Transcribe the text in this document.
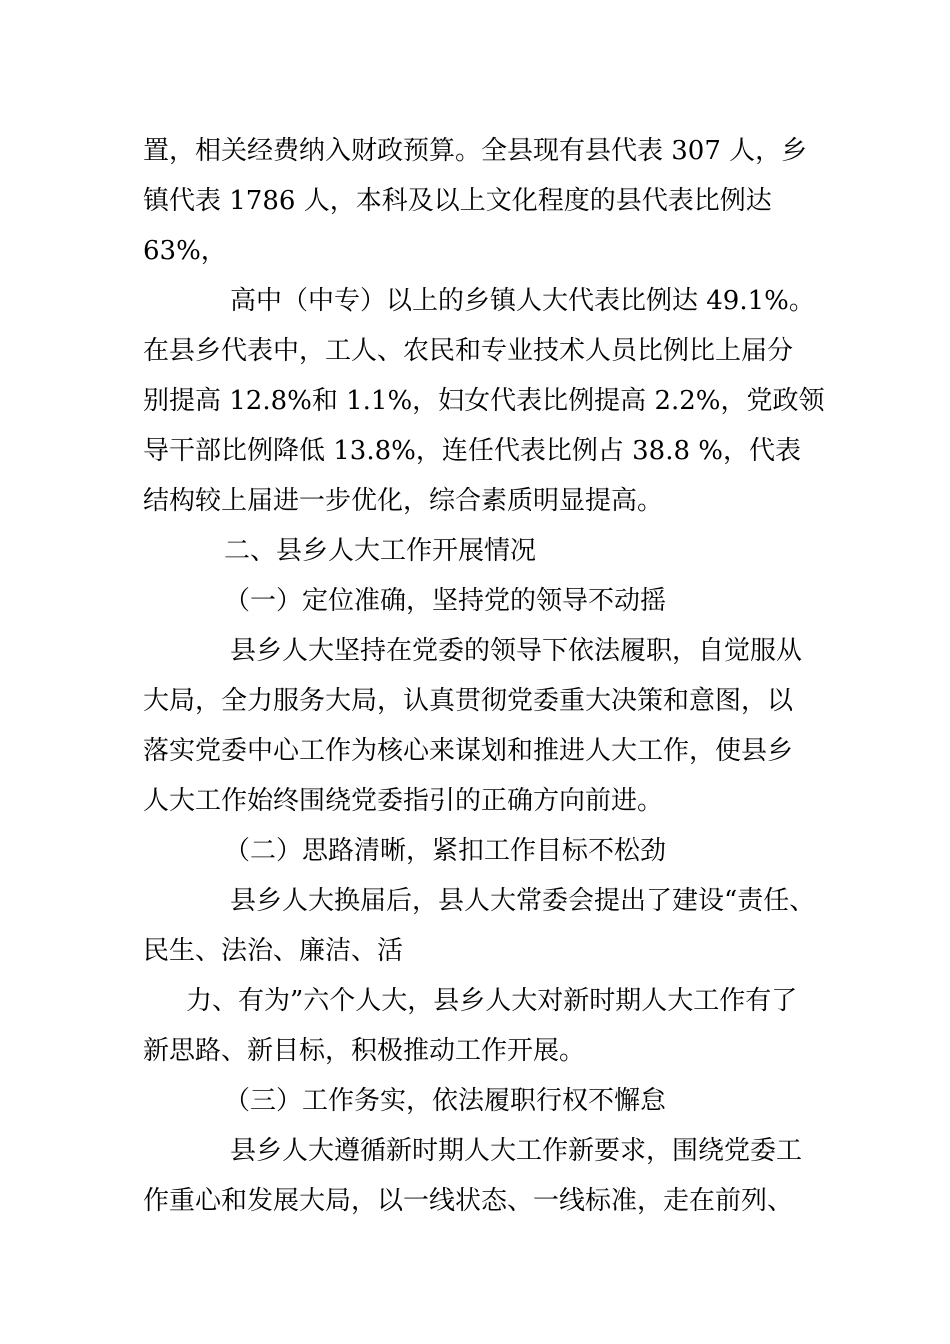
置，相关经费纳入财政预算。全县现有县代表 307 人，乡
镇代表 1786 人，本科及以上文化程度的县代表比例达
63%，
高中（中专）以上的乡镇人大代表比例达 49.1%。
在县乡代表中，工人、农民和专业技术人员比例比上届分
别提高 12.8%和 1.1%，妇女代表比例提高 2.2%，党政领
导干部比例降低 13.8%，连任代表比例占 38.8 %，代表
结构较上届进一步优化，综合素质明显提高。
二、县乡人大工作开展情况
（一）定位准确，坚持党的领导不动摇
县乡人大坚持在党委的领导下依法履职，自觉服从
大局，全力服务大局，认真贯彻党委重大决策和意图，以
落实党委中心工作为核心来谋划和推进人大工作，使县乡
人大工作始终围绕党委指引的正确方向前进。
（二）思路清晰，紧扣工作目标不松劲
县乡人大换届后，县人大常委会提出了建设“责任、
民生、法治、廉洁、活
力、有为”六个人大，县乡人大对新时期人大工作有了
新思路、新目标，积极推动工作开展。
（三）工作务实，依法履职行权不懈怠
县乡人大遵循新时期人大工作新要求，围绕党委工
作重心和发展大局，以一线状态、一线标准，走在前列、
